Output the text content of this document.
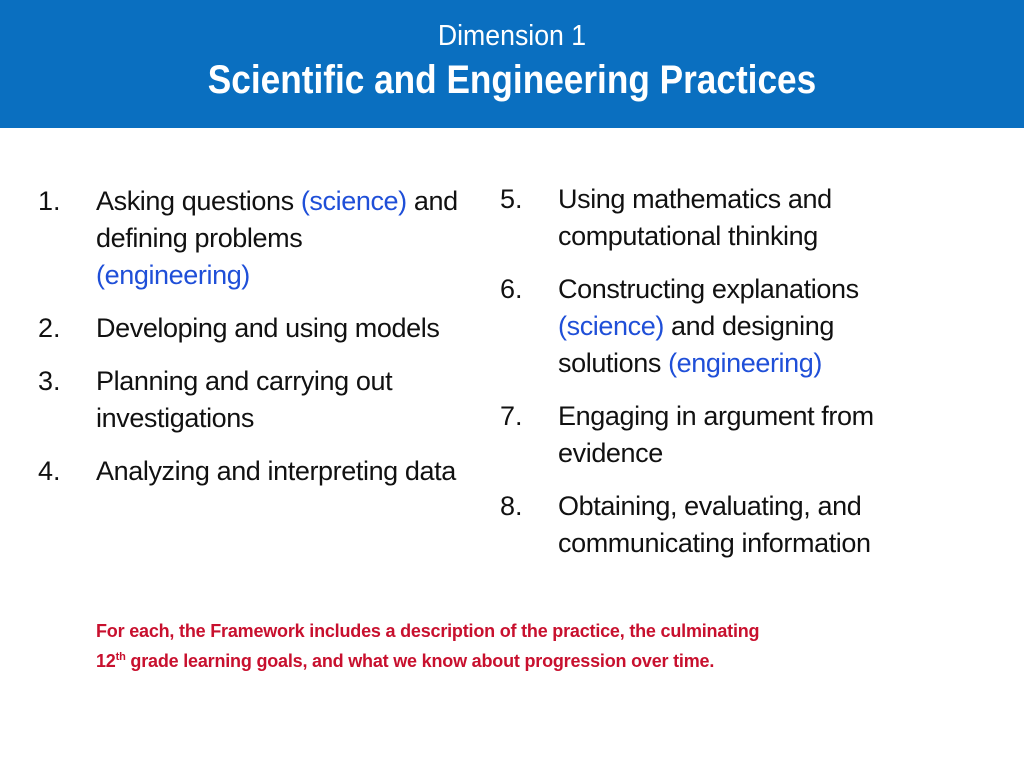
Dimension 1
Scientific and Engineering Practices
1.	Asking questions (science) and defining problems (engineering)
2.	Developing and using models
3.	Planning and carrying out investigations
4.	Analyzing and interpreting data
5.	Using mathematics and computational thinking
6.	Constructing explanations (science) and designing solutions (engineering)
7.	Engaging in argument from evidence
8.	Obtaining, evaluating, and communicating information
For each, the Framework includes a description of the practice, the culminating
12th grade learning goals, and what we know about progression over time.
